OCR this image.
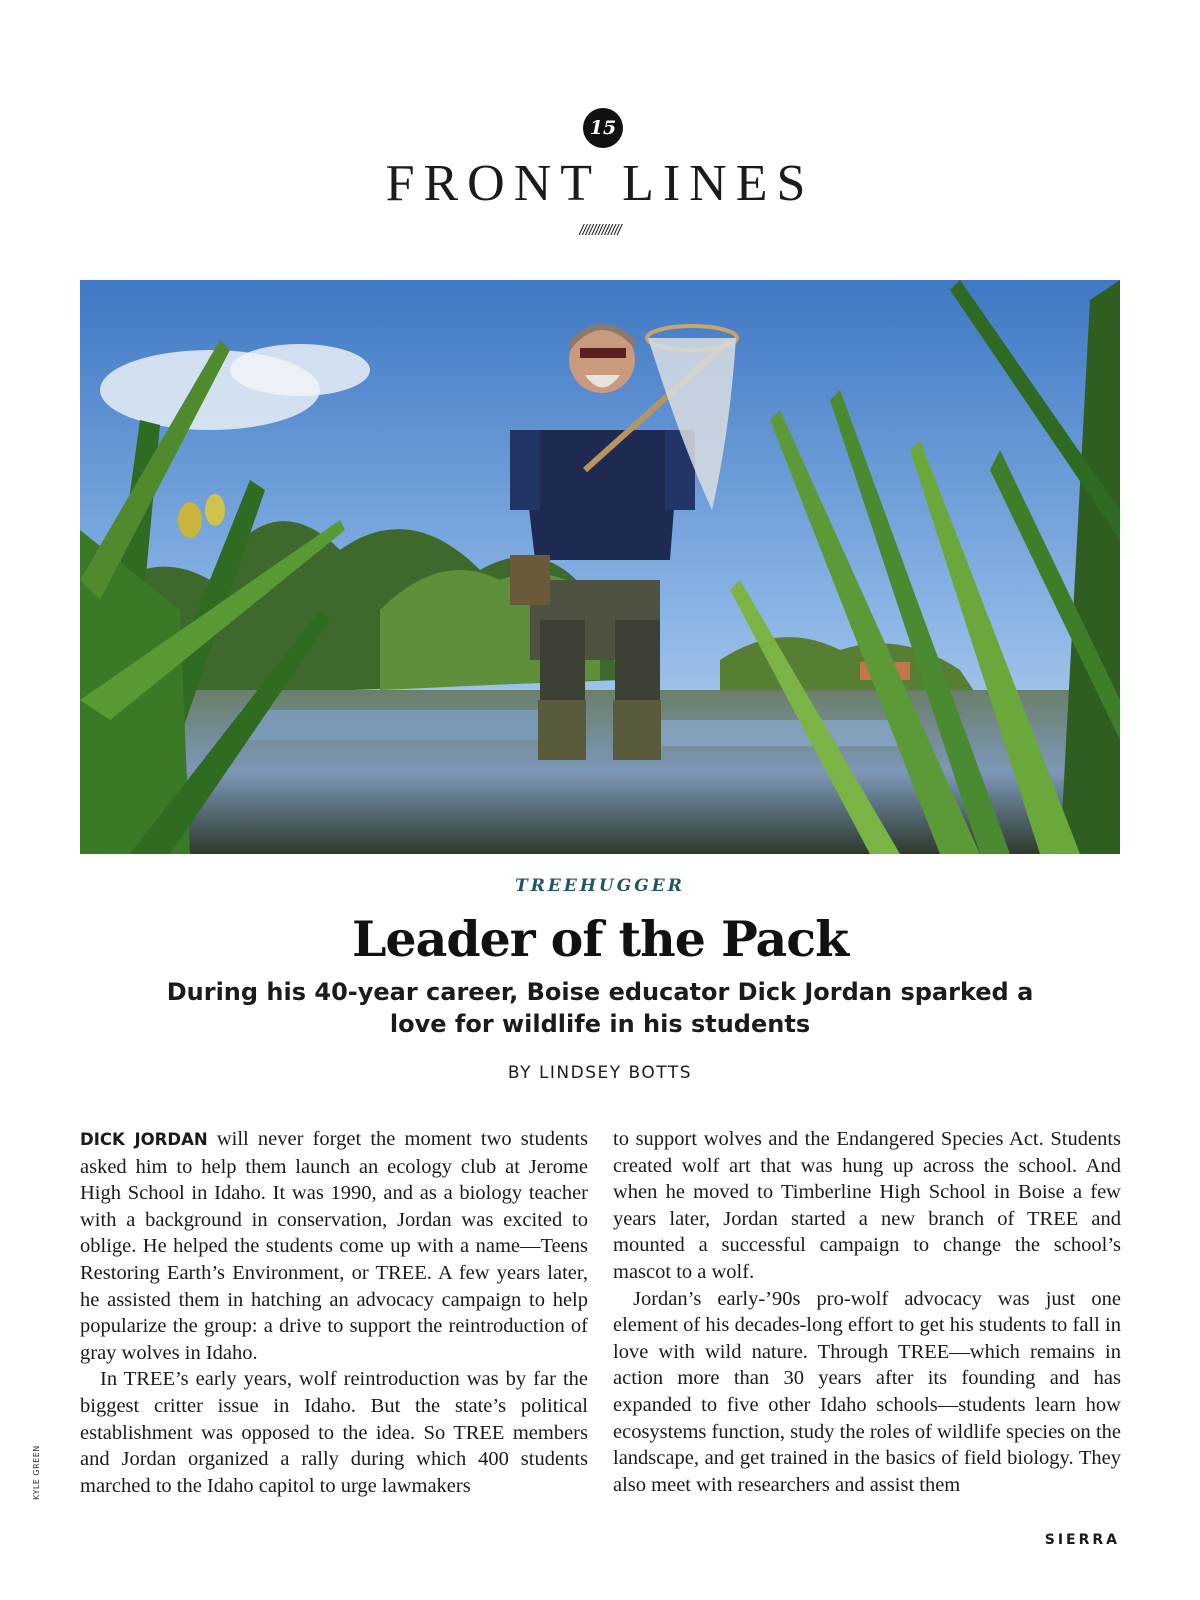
15
FRONT LINES
/////////////
TREEHUGGER
Leader of the Pack
During his 40-year career, Boise educator Dick Jordan sparked a love for wildlife in his students
BY LINDSEY BOTTS

DICK JORDAN will never forget the moment two students asked him to help them launch an ecology club at Jerome High School in Idaho. It was 1990, and as a biology teacher with a background in conservation, Jordan was excited to oblige. He helped the students come up with a name—Teens Restoring Earth’s Environment, or TREE. A few years later, he assisted them in hatching an advocacy campaign to help popularize the group: a drive to support the reintroduction of gray wolves in Idaho.

In TREE’s early years, wolf reintroduction was by far the biggest critter issue in Idaho. But the state’s political establishment was opposed to the idea. So TREE members and Jordan organized a rally during which 400 students marched to the Idaho capitol to urge lawmakers

to support wolves and the Endangered Species Act. Students created wolf art that was hung up across the school. And when he moved to Timberline High School in Boise a few years later, Jordan started a new branch of TREE and mounted a successful campaign to change the school’s mascot to a wolf.

Jordan’s early-’90s pro-wolf advocacy was just one element of his decades-long effort to get his students to fall in love with wild nature. Through TREE—which remains in action more than 30 years after its founding and has expanded to five other Idaho schools—students learn how ecosystems function, study the roles of wildlife species on the landscape, and get trained in the basics of field biology. They also meet with researchers and assist them

KYLE GREEN
SIERRA
